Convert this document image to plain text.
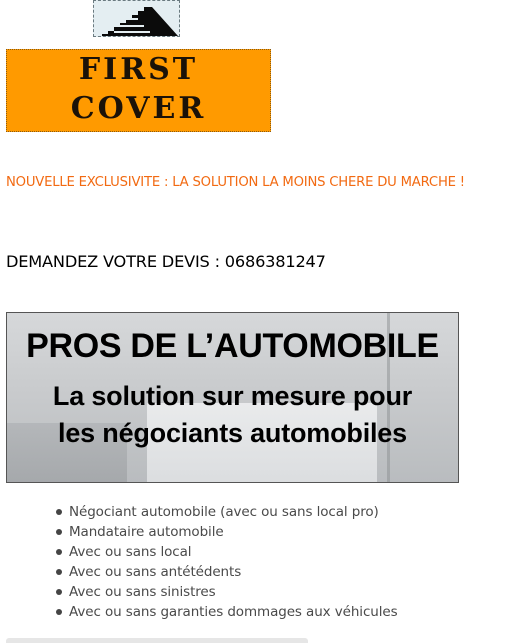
FIRST
COVER
NOUVELLE EXCLUSIVITE : LA SOLUTION LA MOINS CHERE DU MARCHE !
DEMANDEZ VOTRE DEVIS : 0686381247
PROS DE L’AUTOMOBILE
La solution sur mesure pour
les négociants automobiles
Négociant automobile (avec ou sans local pro)
Mandataire automobile
Avec ou sans local
Avec ou sans antétédents
Avec ou sans sinistres
Avec ou sans garanties dommages aux véhicules
